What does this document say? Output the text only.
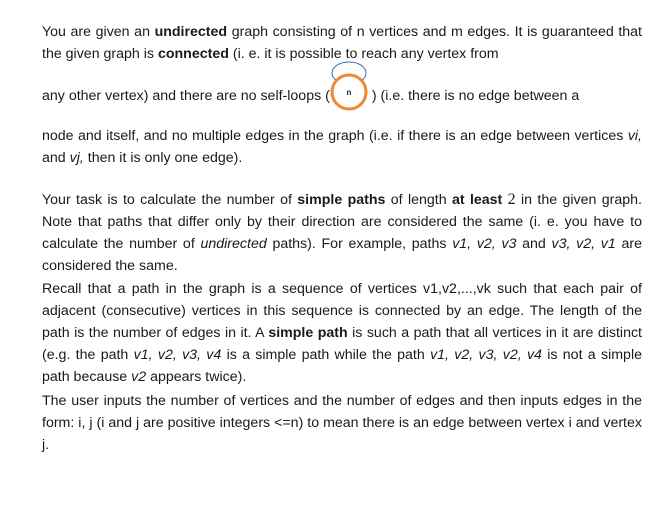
You are given an undirected graph consisting of n vertices and m edges. It is guaranteed that the given graph is connected (i. e. it is possible to reach any vertex from
any other vertex) and there are no self-loops ( n ) (i.e. there is no edge between a
node and itself, and no multiple edges in the graph (i.e. if there is an edge between vertices vi, and vj, then it is only one edge).
Your task is to calculate the number of simple paths of length at least 2 in the given graph. Note that paths that differ only by their direction are considered the same (i. e. you have to calculate the number of undirected paths). For example, paths v1, v2, v3 and v3, v2, v1 are considered the same.
Recall that a path in the graph is a sequence of vertices v1,v2,...,vk such that each pair of adjacent (consecutive) vertices in this sequence is connected by an edge. The length of the path is the number of edges in it. A simple path is such a path that all vertices in it are distinct (e.g. the path v1, v2, v3, v4 is a simple path while the path v1, v2, v3, v2, v4 is not a simple path because v2 appears twice).
The user inputs the number of vertices and the number of edges and then inputs edges in the form: i, j (i and j are positive integers <=n) to mean there is an edge between vertex i and vertex j.
